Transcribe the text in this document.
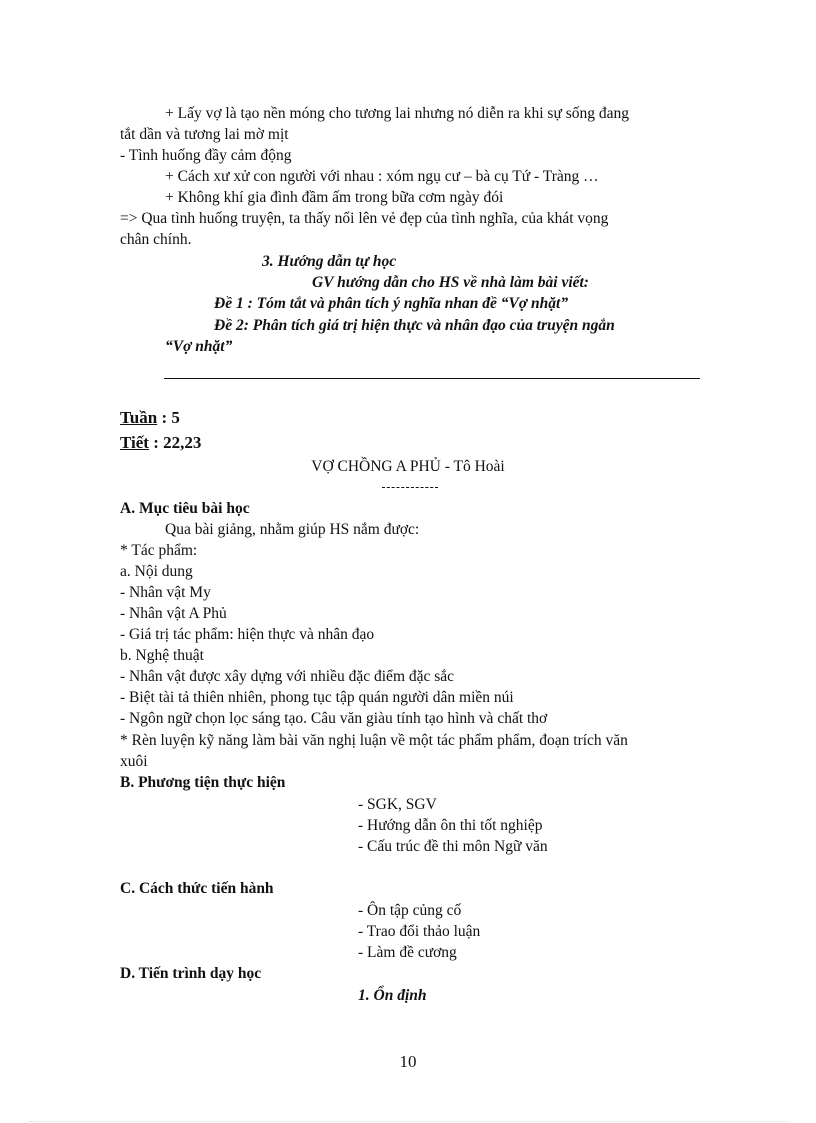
+ Lấy vợ là tạo nền móng cho tương lai nhưng nó diễn ra khi sự sống đang
tắt dần và tương lai mờ mịt
- Tình huống đầy cảm động
+ Cách xư xử con người với nhau : xóm ngụ cư – bà cụ Tứ - Tràng …
+ Không khí gia đình đầm ấm trong bữa cơm ngày đói
=> Qua tình huống truyện, ta thấy nổi lên vẻ đẹp của tình nghĩa, của khát vọng
chân chính.
3. Hướng dẫn tự học
GV hướng dẫn cho HS về nhà làm bài viết:
Đề 1 : Tóm tắt và phân tích ý nghĩa nhan đề “Vợ nhặt”
Đề 2: Phân tích giá trị hiện thực và nhân đạo của truyện ngắn
“Vợ nhặt”
Tuần : 5
Tiết : 22,23
VỢ CHỒNG A PHỦ - Tô Hoài
A. Mục tiêu bài học
Qua bài giảng, nhằm giúp HS nắm được:
* Tác phẩm:
a. Nội dung
- Nhân vật My
- Nhân vật A Phủ
- Giá trị tác phẩm: hiện thực và nhân đạo
b. Nghệ thuật
- Nhân vật được xây dựng với nhiều đặc điểm đặc sắc
- Biệt tài tả thiên nhiên, phong tục tập quán người dân miền núi
- Ngôn ngữ chọn lọc sáng tạo. Câu văn giàu tính tạo hình và chất thơ
* Rèn luyện kỹ năng làm bài văn nghị luận về một tác phẩm phẩm, đoạn trích văn
xuôi
B. Phương tiện thực hiện
- SGK, SGV
- Hướng dẫn ôn thi tốt nghiệp
- Cấu trúc đề thi môn Ngữ văn
C. Cách thức tiến hành
- Ôn tập củng cố
- Trao đổi thảo luận
- Làm đề cương
D. Tiến trình dạy học
1. Ổn định
10
